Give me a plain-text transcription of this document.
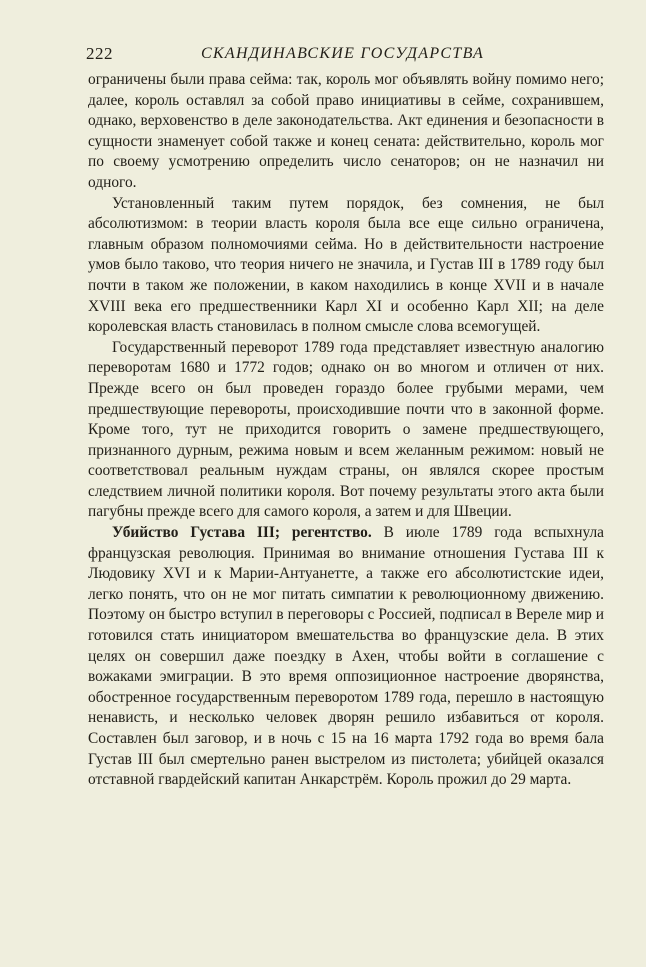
222	СКАНДИНАВСКИЕ ГОСУДАРСТВА

ограничены были права сейма: так, король мог объявлять войну помимо него; далее, король оставлял за собой право инициативы в сейме, сохранившем, однако, верховенство в деле законодательства. Акт единения и безопасности в сущности знаменует собой также и конец сената: действительно, король мог по своему усмотрению определить число сенаторов; он не назначил ни одного.

Установленный таким путем порядок, без сомнения, не был абсолютизмом: в теории власть короля была все еще сильно ограничена, главным образом полномочиями сейма. Но в действительности настроение умов было таково, что теория ничего не значила, и Густав III в 1789 году был почти в таком же положении, в каком находились в конце XVII и в начале XVIII века его предшественники Карл XI и особенно Карл XII; на деле королевская власть становилась в полном смысле слова всемогущей.

Государственный переворот 1789 года представляет известную аналогию переворотам 1680 и 1772 годов; однако он во многом и отличен от них. Прежде всего он был проведен гораздо более грубыми мерами, чем предшествующие перевороты, происходившие почти что в законной форме. Кроме того, тут не приходится говорить о замене предшествующего, признанного дурным, режима новым и всем желанным режимом: новый не соответствовал реальным нуждам страны, он являлся скорее простым следствием личной политики короля. Вот почему результаты этого акта были пагубны прежде всего для самого короля, а затем и для Швеции.

Убийство Густава III; регентство. В июле 1789 года вспыхнула французская революция. Принимая во внимание отношения Густава III к Людовику XVI и к Марии-Антуанетте, а также его абсолютистские идеи, легко понять, что он не мог питать симпатии к революционному движению. Поэтому он быстро вступил в переговоры с Россией, подписал в Вереле мир и готовился стать инициатором вмешательства во французские дела. В этих целях он совершил даже поездку в Ахен, чтобы войти в соглашение с вожаками эмиграции. В это время оппозиционное настроение дворянства, обостренное государственным переворотом 1789 года, перешло в настоящую ненависть, и несколько человек дворян решило избавиться от короля. Составлен был заговор, и в ночь с 15 на 16 марта 1792 года во время бала Густав III был смертельно ранен выстрелом из пистолета; убийцей оказался отставной гвардейский капитан Анкарстрём. Король прожил до 29 марта.
